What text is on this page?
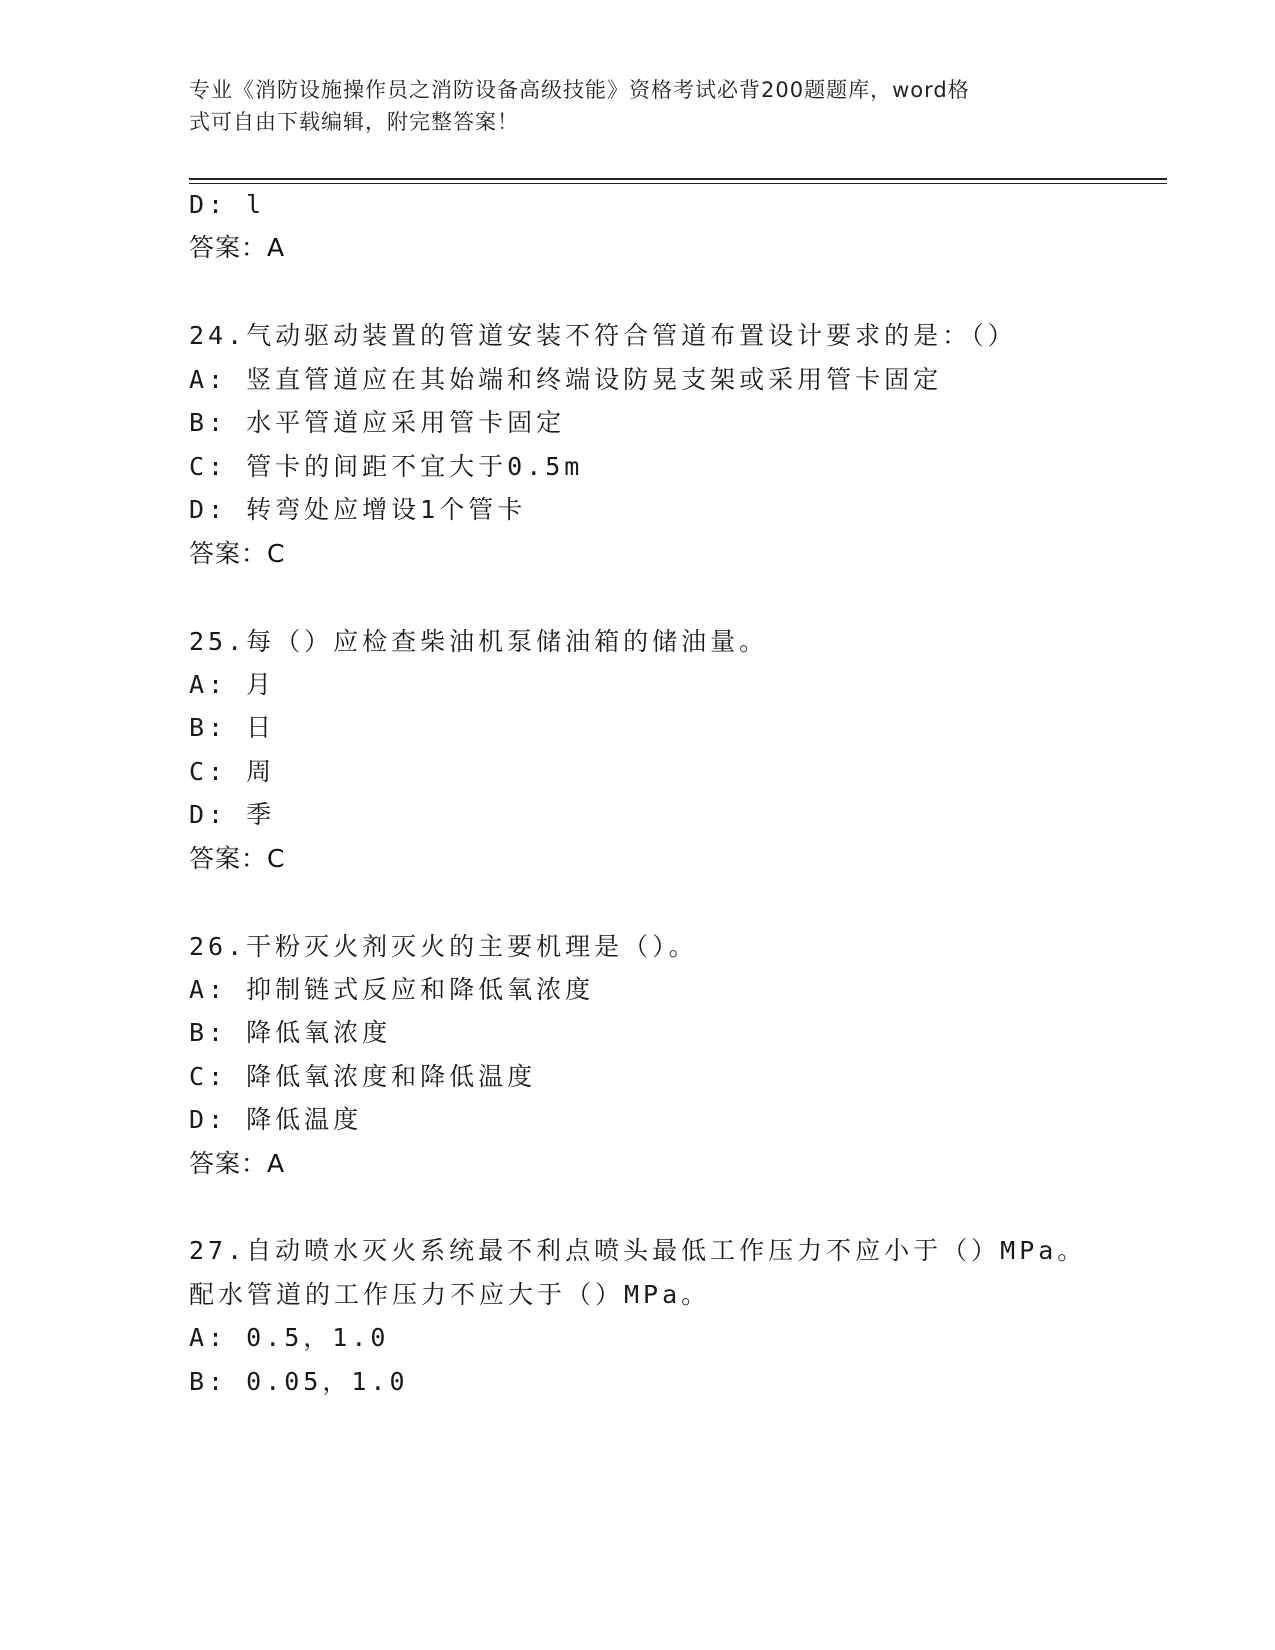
专业《消防设施操作员之消防设备高级技能》资格考试必背200题题库，word格
式可自由下载编辑，附完整答案！
D: l
答案：A
24.气动驱动装置的管道安装不符合管道布置设计要求的是：（）
A: 竖直管道应在其始端和终端设防晃支架或采用管卡固定
B: 水平管道应采用管卡固定
C: 管卡的间距不宜大于0.5m
D: 转弯处应增设1个管卡
答案：C
25.每（）应检查柴油机泵储油箱的储油量。
A: 月
B: 日
C: 周
D: 季
答案：C
26.干粉灭火剂灭火的主要机理是（）。
A: 抑制链式反应和降低氧浓度
B: 降低氧浓度
C: 降低氧浓度和降低温度
D: 降低温度
答案：A
27.自动喷水灭火系统最不利点喷头最低工作压力不应小于（）MPa。
配水管道的工作压力不应大于（）MPa。
A: 0.5，1.0
B: 0.05，1.0
